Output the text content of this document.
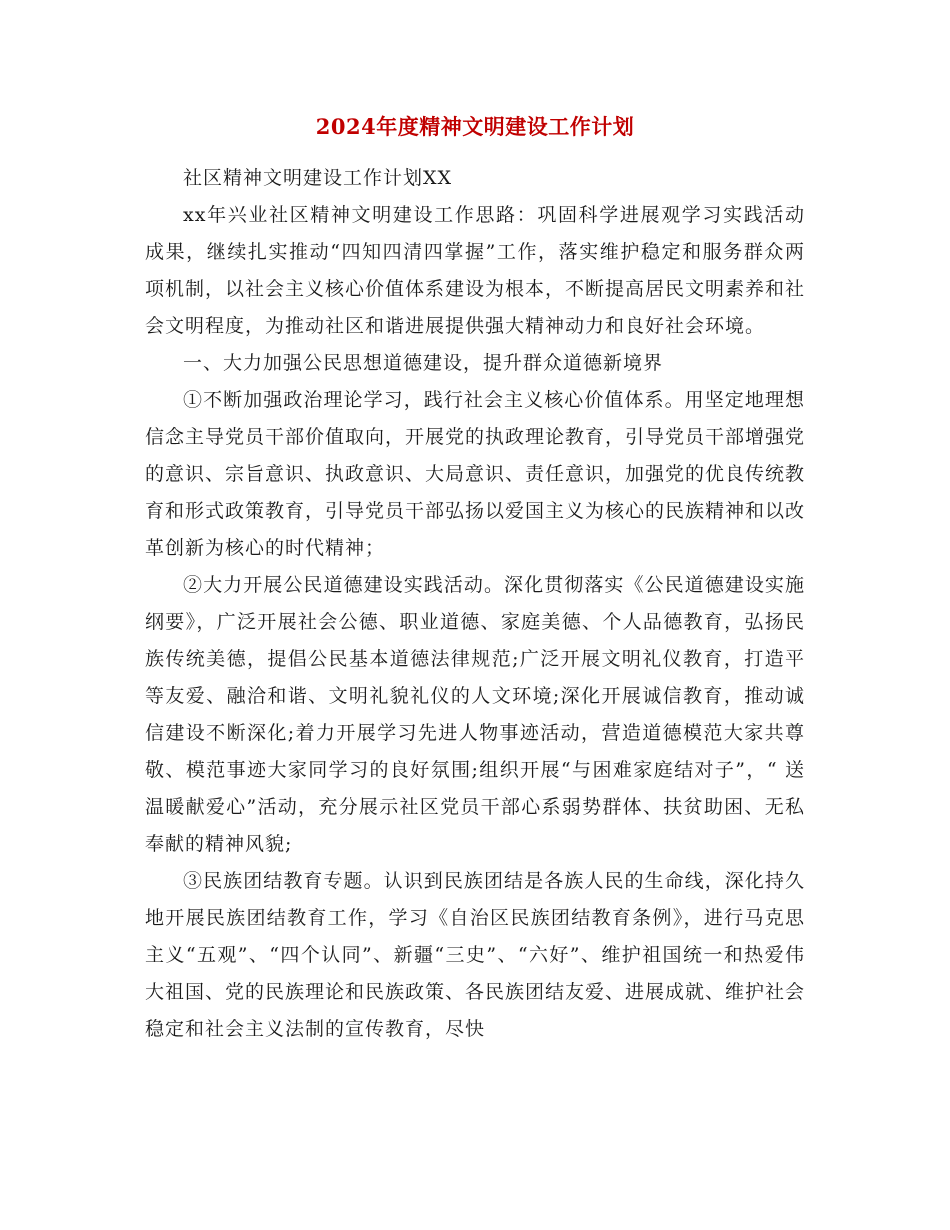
2024年度精神文明建设工作计划

社区精神文明建设工作计划XX

xx年兴业社区精神文明建设工作思路：巩固科学进展观学习实践活动成果，继续扎实推动“四知四清四掌握”工作，落实维护稳定和服务群众两项机制，以社会主义核心价值体系建设为根本，不断提高居民文明素养和社会文明程度，为推动社区和谐进展提供强大精神动力和良好社会环境。

一、大力加强公民思想道德建设，提升群众道德新境界

①不断加强政治理论学习，践行社会主义核心价值体系。用坚定地理想信念主导党员干部价值取向，开展党的执政理论教育，引导党员干部增强党的意识、宗旨意识、执政意识、大局意识、责任意识，加强党的优良传统教育和形式政策教育，引导党员干部弘扬以爱国主义为核心的民族精神和以改革创新为核心的时代精神；

②大力开展公民道德建设实践活动。深化贯彻落实《公民道德建设实施纲要》，广泛开展社会公德、职业道德、家庭美德、个人品德教育，弘扬民族传统美德，提倡公民基本道德法律规范;广泛开展文明礼仪教育，打造平等友爱、融洽和谐、文明礼貌礼仪的人文环境;深化开展诚信教育，推动诚信建设不断深化;着力开展学习先进人物事迹活动，营造道德模范大家共尊敬、模范事迹大家同学习的良好氛围;组织开展“与困难家庭结对子”，“ 送温暖献爱心”活动，充分展示社区党员干部心系弱势群体、扶贫助困、无私奉献的精神风貌;

③民族团结教育专题。认识到民族团结是各族人民的生命线，深化持久地开展民族团结教育工作，学习《自治区民族团结教育条例》，进行马克思主义“五观”、“四个认同”、新疆“三史”、“六好”、维护祖国统一和热爱伟大祖国、党的民族理论和民族政策、各民族团结友爱、进展成就、维护社会稳定和社会主义法制的宣传教育，尽快
